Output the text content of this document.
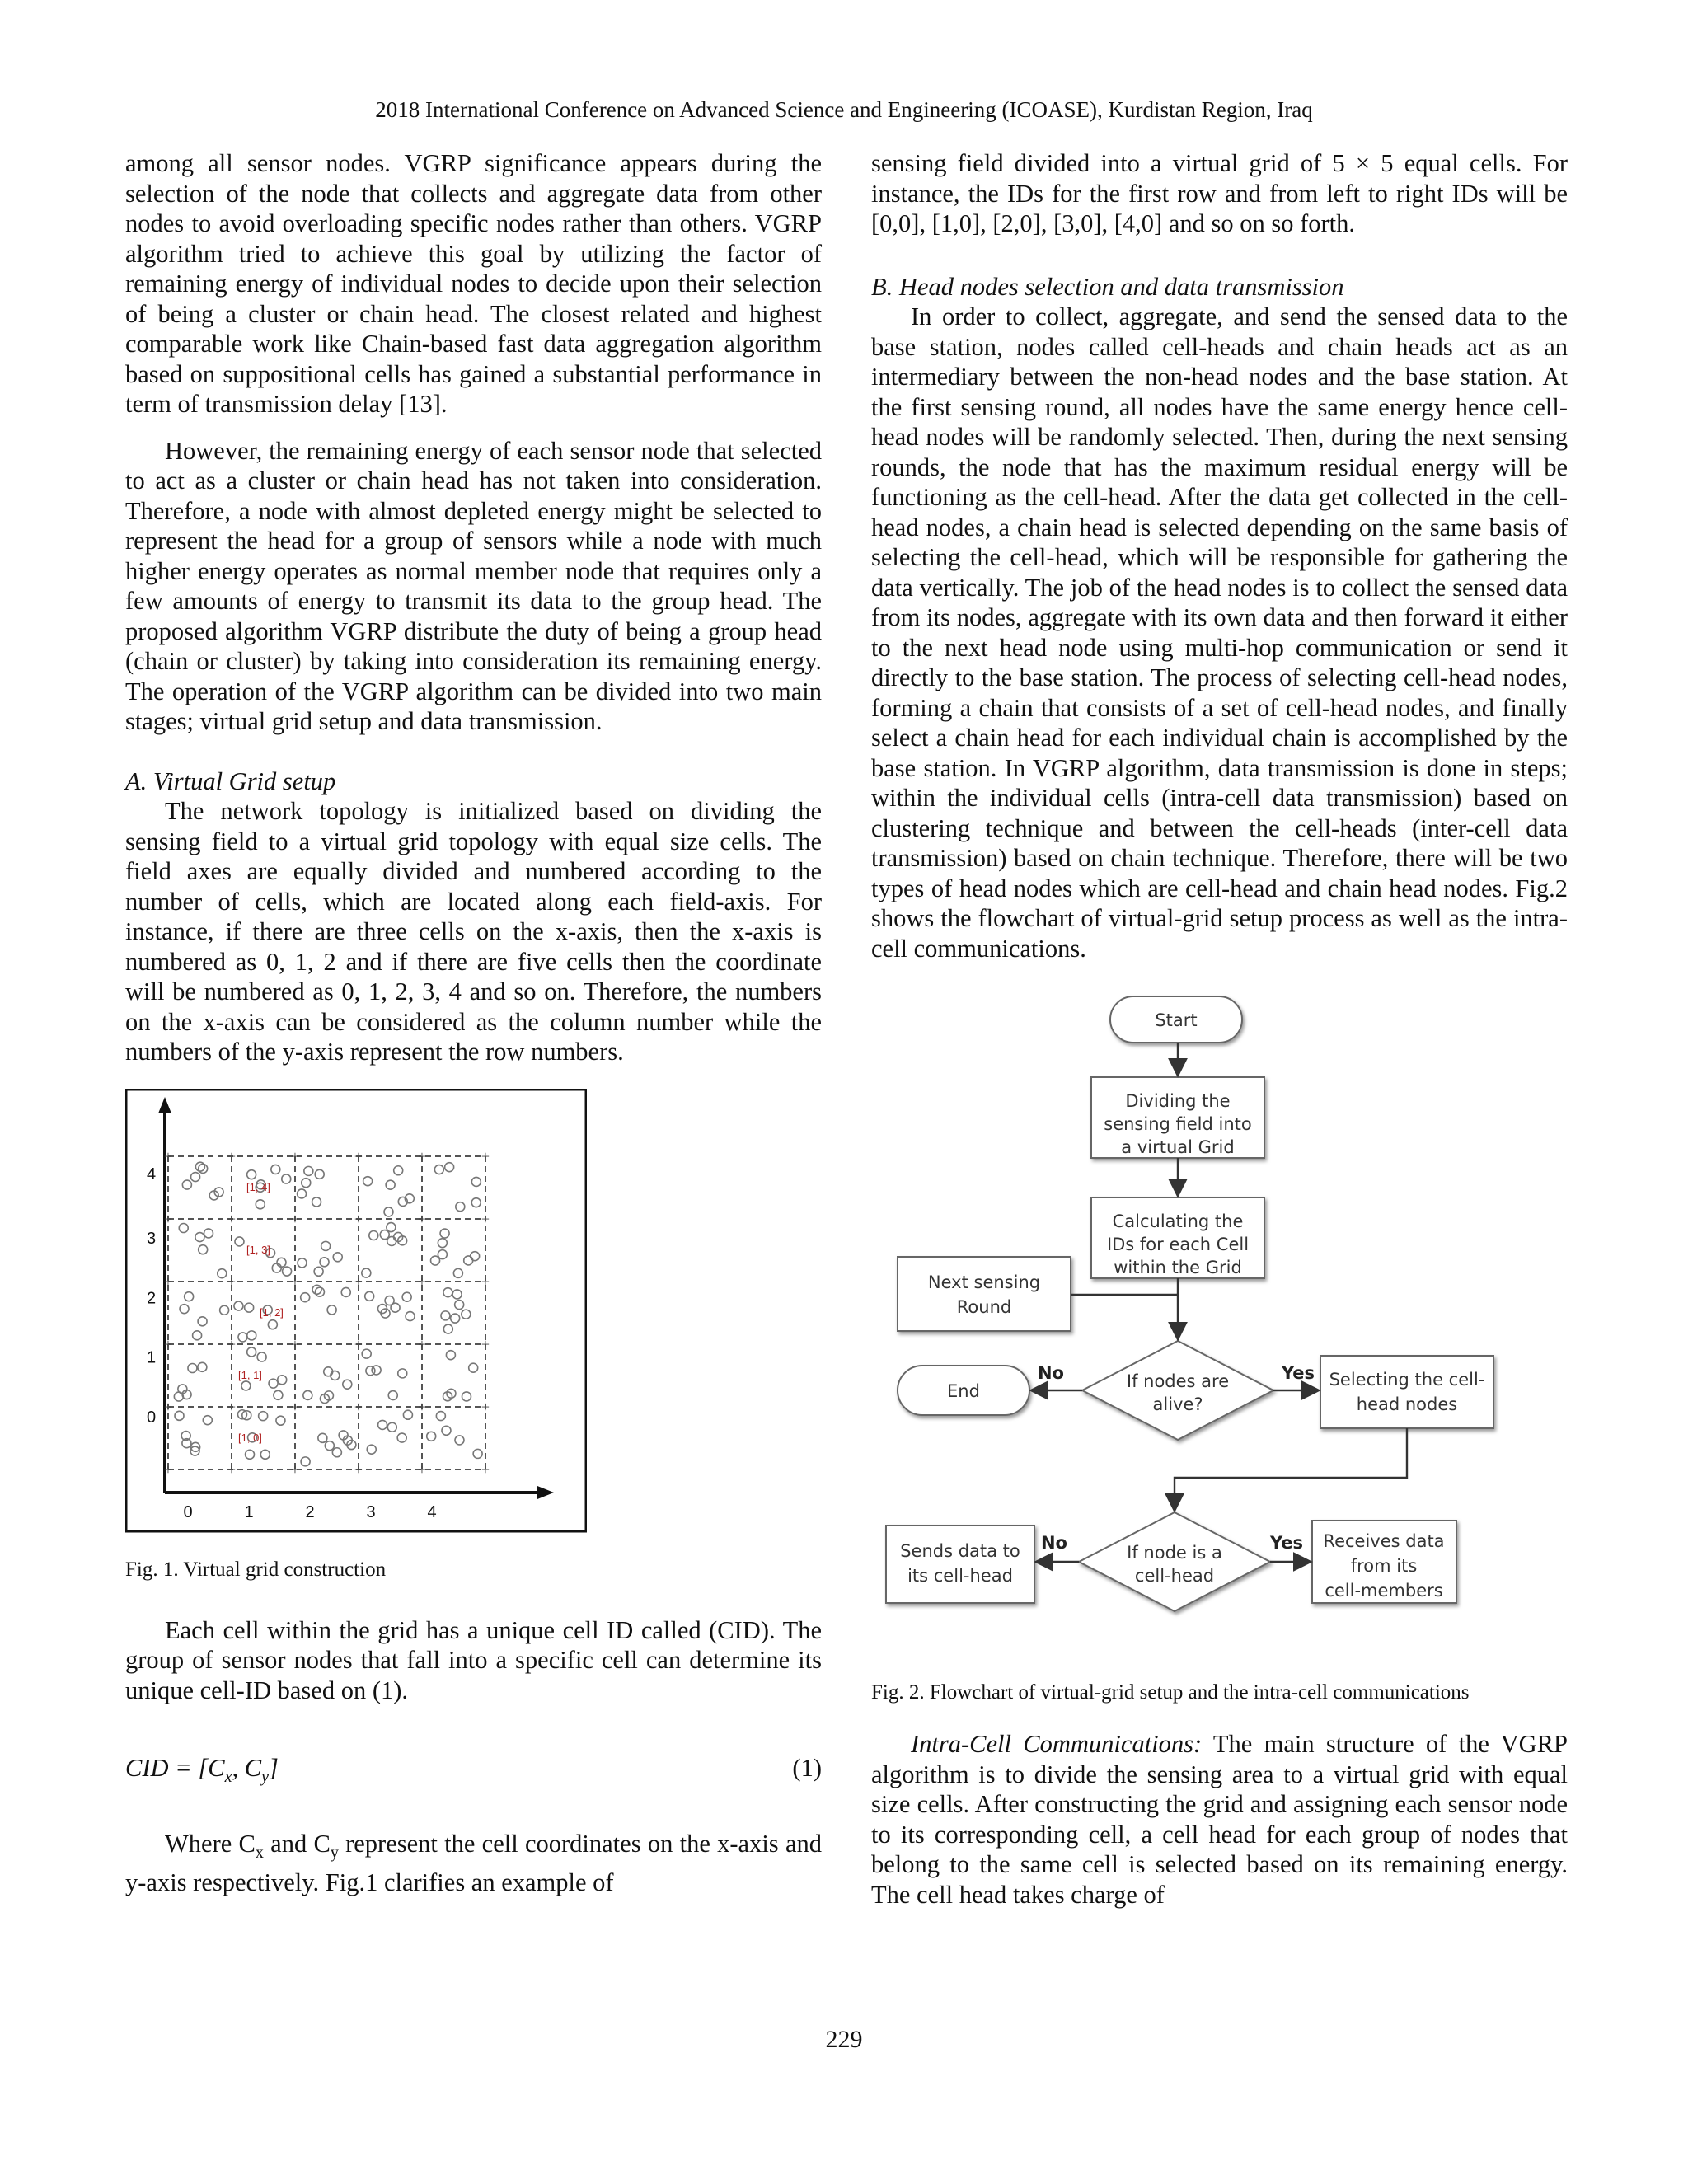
2018 International Conference on Advanced Science and Engineering (ICOASE), Kurdistan Region, Iraq

among all sensor nodes. VGRP significance appears during the selection of the node that collects and aggregate data from other nodes to avoid overloading specific nodes rather than others. VGRP algorithm tried to achieve this goal by utilizing the factor of remaining energy of individual nodes to decide upon their selection of being a cluster or chain head. The closest related and highest comparable work like Chain-based fast data aggregation algorithm based on suppositional cells has gained a substantial performance in term of transmission delay [13].

However, the remaining energy of each sensor node that selected to act as a cluster or chain head has not taken into consideration. Therefore, a node with almost depleted energy might be selected to represent the head for a group of sensors while a node with much higher energy operates as normal member node that requires only a few amounts of energy to transmit its data to the group head. The proposed algorithm VGRP distribute the duty of being a group head (chain or cluster) by taking into consideration its remaining energy. The operation of the VGRP algorithm can be divided into two main stages; virtual grid setup and data transmission.

A. Virtual Grid setup

The network topology is initialized based on dividing the sensing field to a virtual grid topology with equal size cells. The field axes are equally divided and numbered according to the number of cells, which are located along each field-axis. For instance, if there are three cells on the x-axis, then the x-axis is numbered as 0, 1, 2 and if there are five cells then the coordinate will be numbered as 0, 1, 2, 3, 4 and so on. Therefore, the numbers on the x-axis can be considered as the column number while the numbers of the y-axis represent the row numbers.

+
+
+
+
+
+
+
+
+
+
+
+
+
+
+
+
+
+
+
+
+
+
+
+
+
+
+
+
+
+
+
+
+
+
+
+
4
3
2
1
0
0	1	2	3	4
[1, 4]
[1, 3]
[1, 2]
[1, 1]
[1, 0]

Fig. 1. Virtual grid construction

Each cell within the grid has a unique cell ID called (CID). The group of sensor nodes that fall into a specific cell can determine its unique cell-ID based on (1).

CID = [$C_x$, $C_y$]	(1)

Where $C_x$ and $C_y$ represent the cell coordinates on the x-axis and y-axis respectively. Fig.1 clarifies an example of

sensing field divided into a virtual grid of 5 × 5 equal cells. For instance, the IDs for the first row and from left to right IDs will be [0,0], [1,0], [2,0], [3,0], [4,0] and so on so forth.

B. Head nodes selection and data transmission

In order to collect, aggregate, and send the sensed data to the base station, nodes called cell-heads and chain heads act as an intermediary between the non-head nodes and the base station. At the first sensing round, all nodes have the same energy hence cell-head nodes will be randomly selected. Then, during the next sensing rounds, the node that has the maximum residual energy will be functioning as the cell-head. After the data get collected in the cell-head nodes, a chain head is selected depending on the same basis of selecting the cell-head, which will be responsible for gathering the data vertically. The job of the head nodes is to collect the sensed data from its nodes, aggregate with its own data and then forward it either to the next head node using multi-hop communication or send it directly to the base station. The process of selecting cell-head nodes, forming a chain that consists of a set of cell-head nodes, and finally select a chain head for each individual chain is accomplished by the base station. In VGRP algorithm, data transmission is done in steps; within the individual cells (intra-cell data transmission) based on clustering technique and between the cell-heads (inter-cell data transmission) based on chain technique. Therefore, there will be two types of head nodes which are cell-head and chain head nodes. Fig.2 shows the flowchart of virtual-grid setup process as well as the intra-cell communications.

Start
Dividing the
sensing field into
a virtual Grid
Calculating the
IDs for each Cell
within the Grid
Next sensing
Round
End	If nodes are
alive?
Selecting the cell-
head nodes
If node is a
cell-head
Sends data to
its cell-head
Receives data
from its
cell-members
No	Yes
No	Yes

Fig. 2. Flowchart of virtual-grid setup and the intra-cell communications

Intra-Cell Communications: The main structure of the VGRP algorithm is to divide the sensing area to a virtual grid with equal size cells. After constructing the grid and assigning each sensor node to its corresponding cell, a cell head for each group of nodes that belong to the same cell is selected based on its remaining energy. The cell head takes charge of

229
